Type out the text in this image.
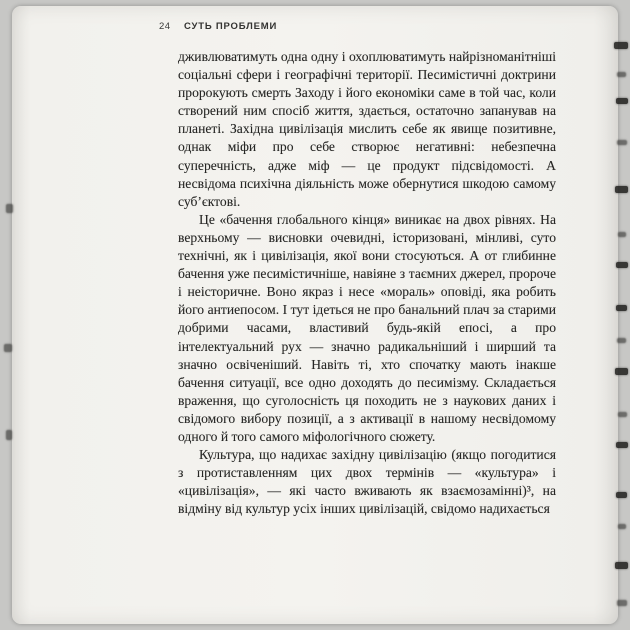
24 СУТЬ ПРОБЛЕМИ

дживлюватимуть одна одну і охоплюватимуть найрізноманітніші соціальні сфери і географічні території. Песимістичні доктрини пророкують смерть Заходу і його економіки саме в той час, коли створений ним спосіб життя, здається, остаточно запанував на планеті. Західна цивілізація мислить себе як явище позитивне, однак міфи про себе створює негативні: небезпечна суперечність, адже міф — це продукт підсвідомості. А несвідома психічна діяльність може обернутися шкодою самому суб’єктові.

Це «бачення глобального кінця» виникає на двох рівнях. На верхньому — висновки очевидні, історизовані, мінливі, суто технічні, як і цивілізація, якої вони стосуються. А от глибинне бачення уже песимістичніше, навіяне з таємних джерел, пророче і неісторичне. Воно якраз і несе «мораль» оповіді, яка робить його антиепосом. І тут ідеться не про банальний плач за старими добрими часами, властивий будь-якій епосі, а про інтелектуальний рух — значно радикальніший і ширший та значно освіченіший. Навіть ті, хто спочатку мають інакше бачення ситуації, все одно доходять до песимізму. Складається враження, що суголосність ця походить не з наукових даних і свідомого вибору позиції, а з активації в нашому несвідомому одного й того самого міфологічного сюжету.

Культура, що надихає західну цивілізацію (якщо погодитися з протиставленням цих двох термінів — «культура» і «цивілізація», — які часто вживають як взаємозамінні)³, на відміну від культур усіх інших цивілізацій, свідомо надихається
